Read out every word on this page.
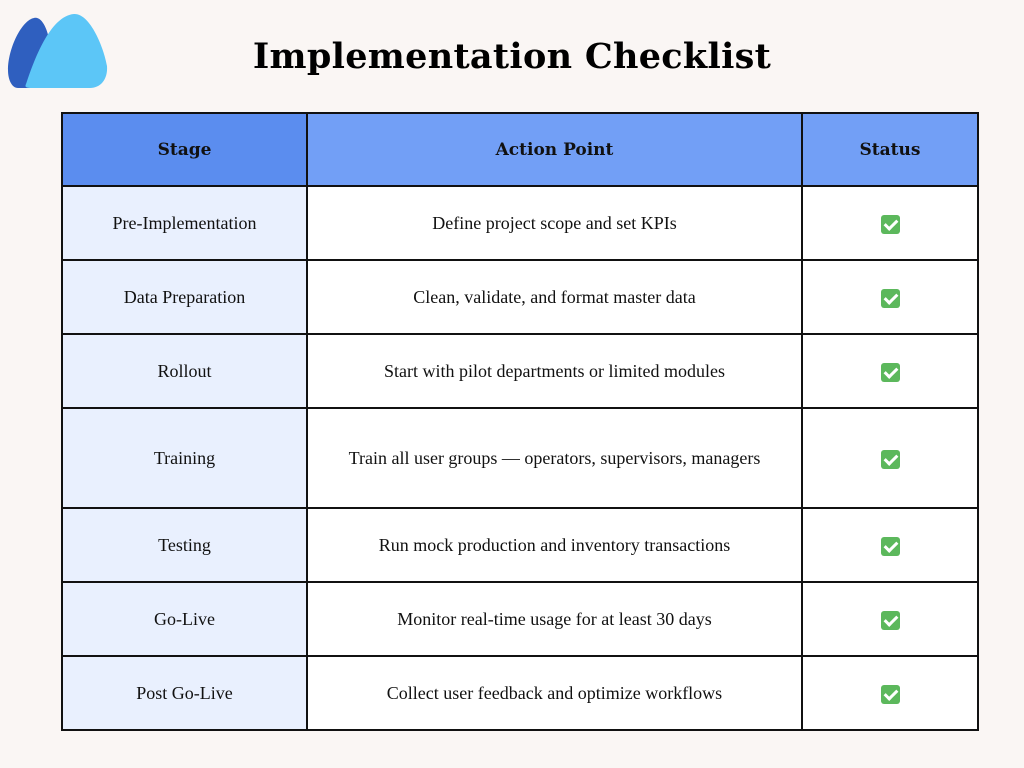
Implementation Checklist
Stage	Action Point	Status
Pre-Implementation	Define project scope and set KPIs	
Data Preparation	Clean, validate, and format master data	
Rollout	Start with pilot departments or limited modules	
Training	Train all user groups — operators, supervisors, managers	
Testing	Run mock production and inventory transactions	
Go-Live	Monitor real-time usage for at least 30 days	
Post Go-Live	Collect user feedback and optimize workflows	
